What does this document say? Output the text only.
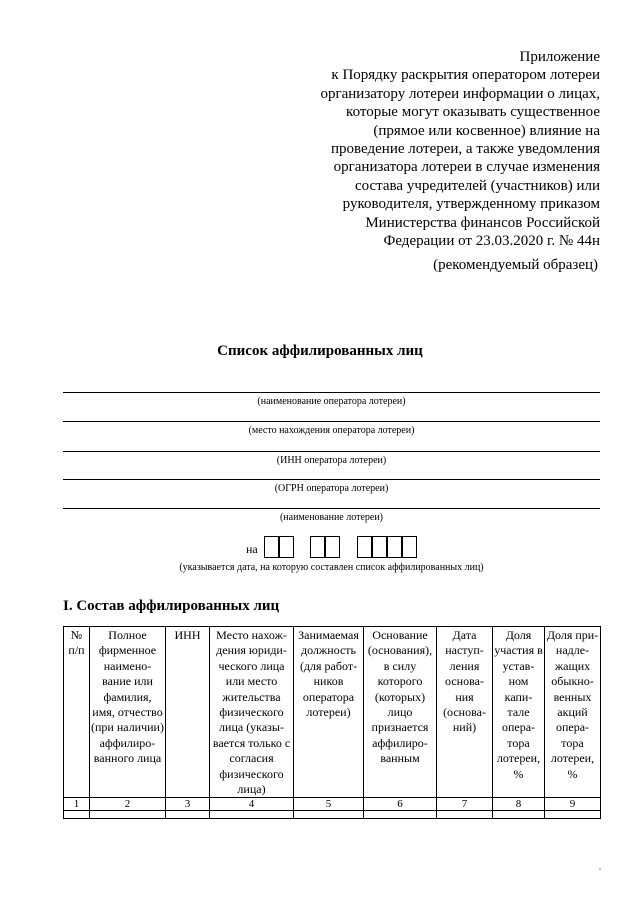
Приложение
к Порядку раскрытия оператором лотереи
организатору лотереи информации о лицах,
которые могут оказывать существенное
(прямое или косвенное) влияние на
проведение лотереи, а также уведомления
организатора лотереи в случае изменения
состава учредителей (участников) или
руководителя, утвержденному приказом
Министерства финансов Российской
Федерации от 23.03.2020 г. № 44н
(рекомендуемый образец)
Список аффилированных лиц
(наименование оператора лотереи)
(место нахождения оператора лотереи)
(ИНН оператора лотереи)
(ОГРН оператора лотереи)
(наименование лотереи)
на
(указывается дата, на которую составлен список аффилированных лиц)
I. Состав аффилированных лиц
№ п/п	Полное фирменное наимено-вание или фамилия, имя, отчество (при наличии) аффилиро-ванного лица	ИНН	Место нахож-дения юриди-ческого лица или место жительства физического лица (указы-вается только с согласия физического лица)	Занимаемая должность (для работ-ников оператора лотереи)	Основание (основания), в силу которого (которых) лицо признается аффилиро-ванным	Дата наступ-ления основа-ния (основа-ний)	Доля участия в устав-ном капи-тале опера-тора лотереи, %	Доля при-надле-жащих обыкно-венных акций опера-тора лотереи, %
1	2	3	4	5	6	7	8	9
